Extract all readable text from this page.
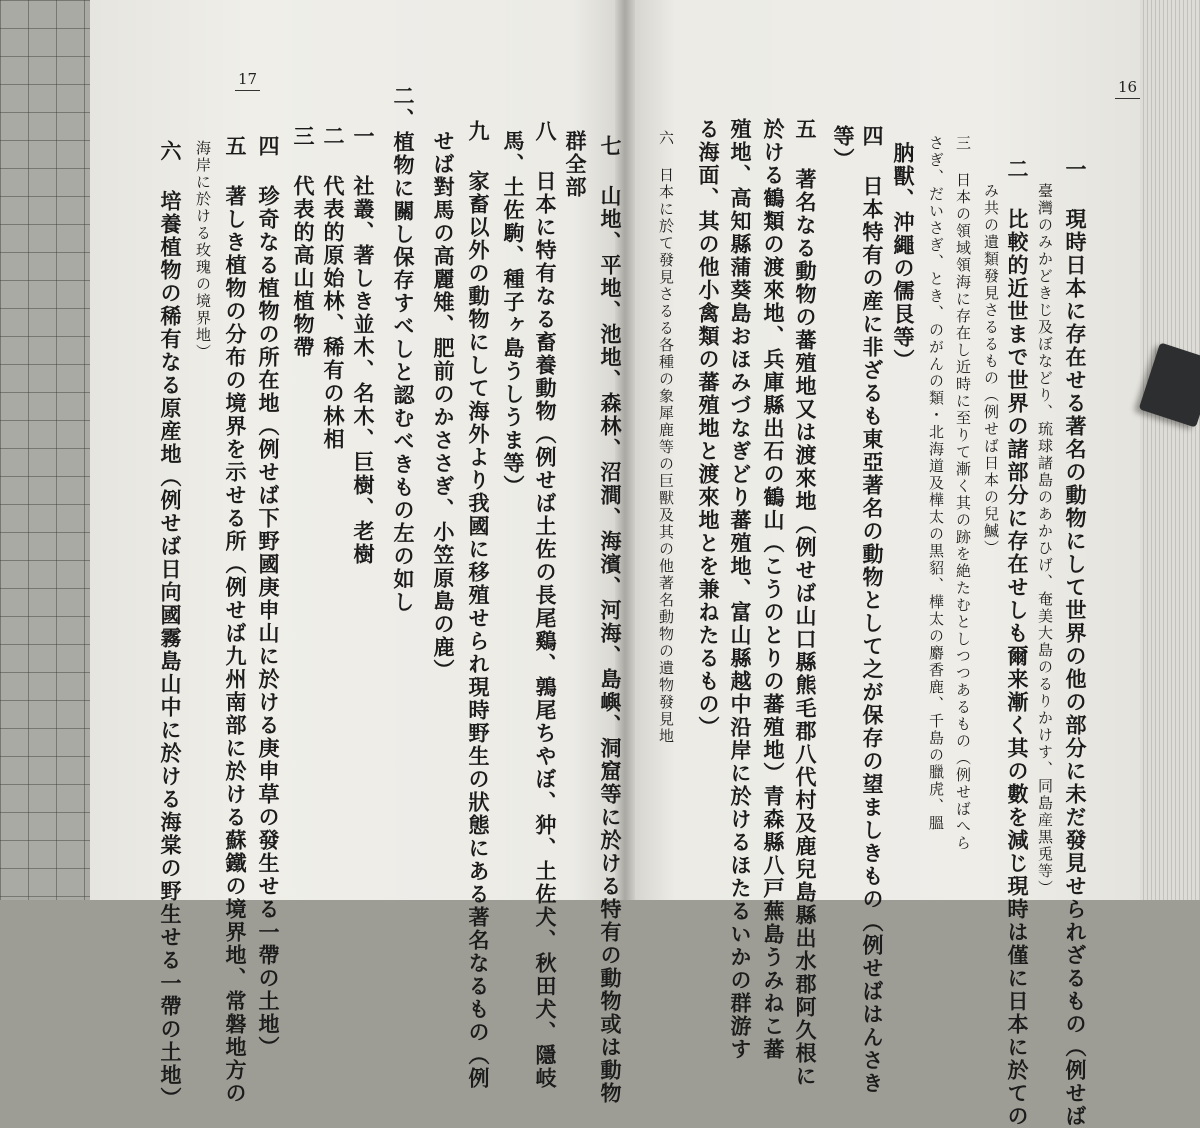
17	16
一 現時日本に存在せる著名の動物にして世界の他の部分に未だ發見せられざるもの（例せば
臺灣のみかどきじ及ぼなどり、琉球諸島のあかひげ、奄美大島のるりかけす、同島産黒兎等）
二 比較的近世まで世界の諸部分に存在せしも爾来漸く其の數を減じ現時は僅に日本に於ての
み共の遺類發見さるるもの（例せば日本の兒鰄）
三 日本の領域領海に存在し近時に至りて漸く其の跡を絶たむとしつつあるもの（例せばへら
さぎ、だいさぎ、とき、のがんの類・北海道及樺太の黒貂、樺太の麝香鹿、千島の臘虎、膃
肭獸、沖繩の儒艮等）
四 日本特有の産に非ざるも東亞著名の動物として之が保存の望ましきもの（例せばはんさき
等）
五 著名なる動物の蕃殖地又は渡來地（例せば山口縣熊毛郡八代村及鹿兒島縣出水郡阿久根に
於ける鶴類の渡來地、兵庫縣出石の鶴山（こうのとりの蕃殖地）青森縣八戸蕪島うみねこ蕃
殖地、高知縣蒲葵島おほみづなぎどり蕃殖地、富山縣越中沿岸に於けるほたるいかの群游す
る海面、其の他小禽類の蕃殖地と渡來地とを兼ねたるもの）
六 日本に於て發見さるる各種の象犀鹿等の巨獸及其の他著名動物の遺物發見地
七 山地、平地、池地、森林、沼澗、海濱、河海、島嶼、洞窟等に於ける特有の動物或は動物
群全部
八 日本に特有なる畜養動物（例せば土佐の長尾鷄、鶉尾ちやぼ、狆、土佐犬、秋田犬、隱岐
馬、土佐駒、種子ヶ島うしうま等）
九 家畜以外の動物にして海外より我國に移殖せられ現時野生の狀態にある著名なるもの（例
せば對馬の高麗雉、肥前のかささぎ、小笠原島の鹿）
二、植物に關し保存すべしと認むべきもの左の如し
一 社叢、著しき並木、名木、巨樹、老樹
二 代表的原始林、稀有の林相
三 代表的高山植物帶
四 珍奇なる植物の所在地（例せば下野國庚申山に於ける庚申草の發生せる一帶の土地）
五 著しき植物の分布の境界を示せる所（例せば九州南部に於ける蘇鐵の境界地、常磐地方の
海岸に於ける玫瑰の境界地）
六 培養植物の稀有なる原産地（例せば日向國霧島山中に於ける海棠の野生せる一帶の土地）
